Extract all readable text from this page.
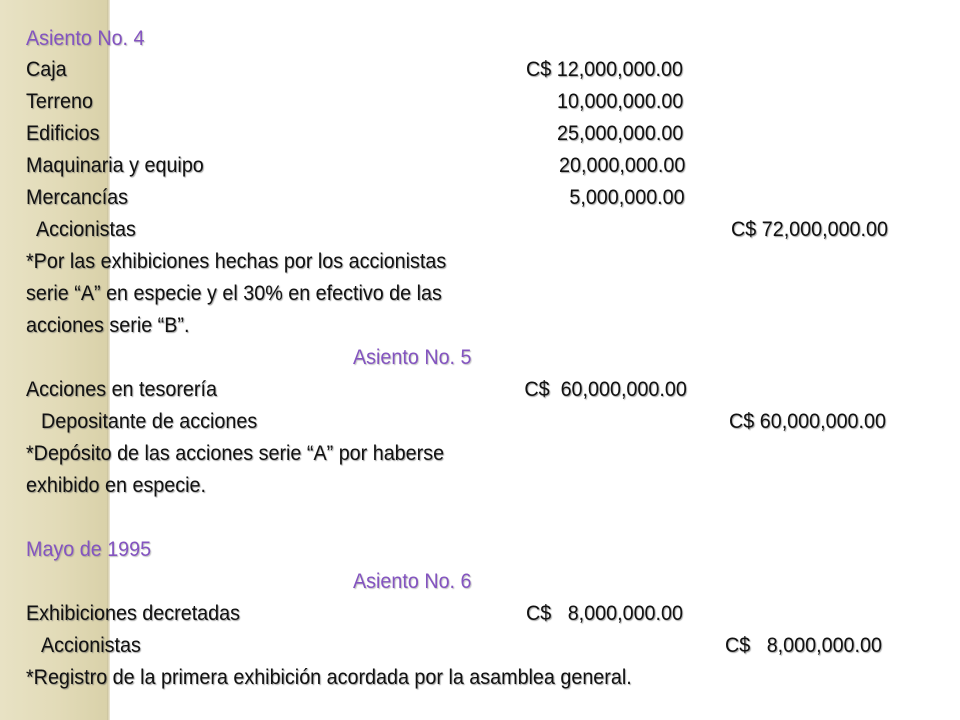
Asiento No. 4
Caja	C$ 12,000,000.00
Terreno	10,000,000.00
Edificios	25,000,000.00
Maquinaria y equipo	20,000,000.00
Mercancías	5,000,000.00
Accionistas	C$ 72,000,000.00
*Por las exhibiciones hechas por los accionistas
serie “A” en especie y el 30% en efectivo de las
acciones serie “B”.
Asiento No. 5
Acciones en tesorería	C$  60,000,000.00
Depositante de acciones	C$ 60,000,000.00
*Depósito de las acciones serie “A” por haberse
exhibido en especie.
Mayo de 1995
Asiento No. 6
Exhibiciones decretadas	C$   8,000,000.00
Accionistas	C$   8,000,000.00
*Registro de la primera exhibición acordada por la asamblea general.
